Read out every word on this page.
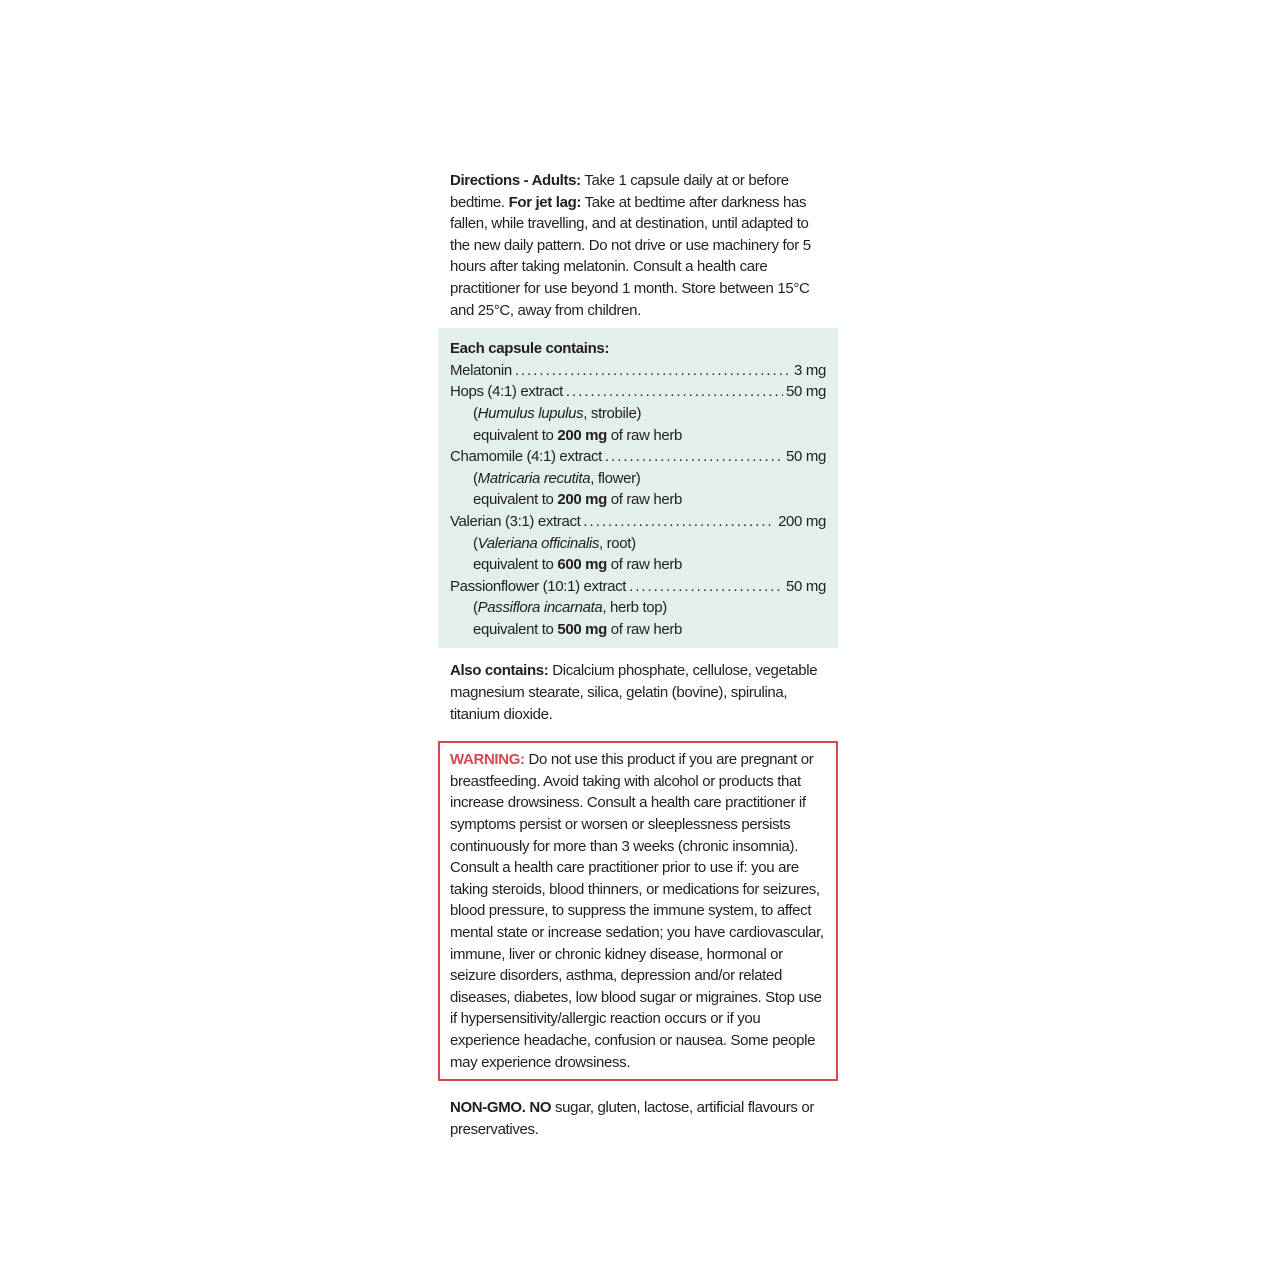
Directions - Adults: Take 1 capsule daily at or before bedtime. For jet lag: Take at bedtime after darkness has fallen, while travelling, and at destination, until adapted to the new daily pattern. Do not drive or use machinery for 5 hours after taking melatonin. Consult a health care practitioner for use beyond 1 month. Store between 15°C and 25°C, away from children.

Each capsule contains:
Melatonin . . .	3 mg
Hops (4:1) extract . . .	50 mg
(Humulus lupulus, strobile)
equivalent to 200 mg of raw herb
Chamomile (4:1) extract . . .	50 mg
(Matricaria recutita, flower)
equivalent to 200 mg of raw herb
Valerian (3:1) extract . . .	200 mg
(Valeriana officinalis, root)
equivalent to 600 mg of raw herb
Passionflower (10:1) extract . . .	50 mg
(Passiflora incarnata, herb top)
equivalent to 500 mg of raw herb

Also contains: Dicalcium phosphate, cellulose, vegetable magnesium stearate, silica, gelatin (bovine), spirulina, titanium dioxide.

WARNING: Do not use this product if you are pregnant or breastfeeding. Avoid taking with alcohol or products that increase drowsiness. Consult a health care practitioner if symptoms persist or worsen or sleeplessness persists continuously for more than 3 weeks (chronic insomnia). Consult a health care practitioner prior to use if: you are taking steroids, blood thinners, or medications for seizures, blood pressure, to suppress the immune system, to affect mental state or increase sedation; you have cardiovascular, immune, liver or chronic kidney disease, hormonal or seizure disorders, asthma, depression and/or related diseases, diabetes, low blood sugar or migraines. Stop use if hypersensitivity/allergic reaction occurs or if you experience headache, confusion or nausea. Some people may experience drowsiness.

NON-GMO. NO sugar, gluten, lactose, artificial flavours or preservatives.
